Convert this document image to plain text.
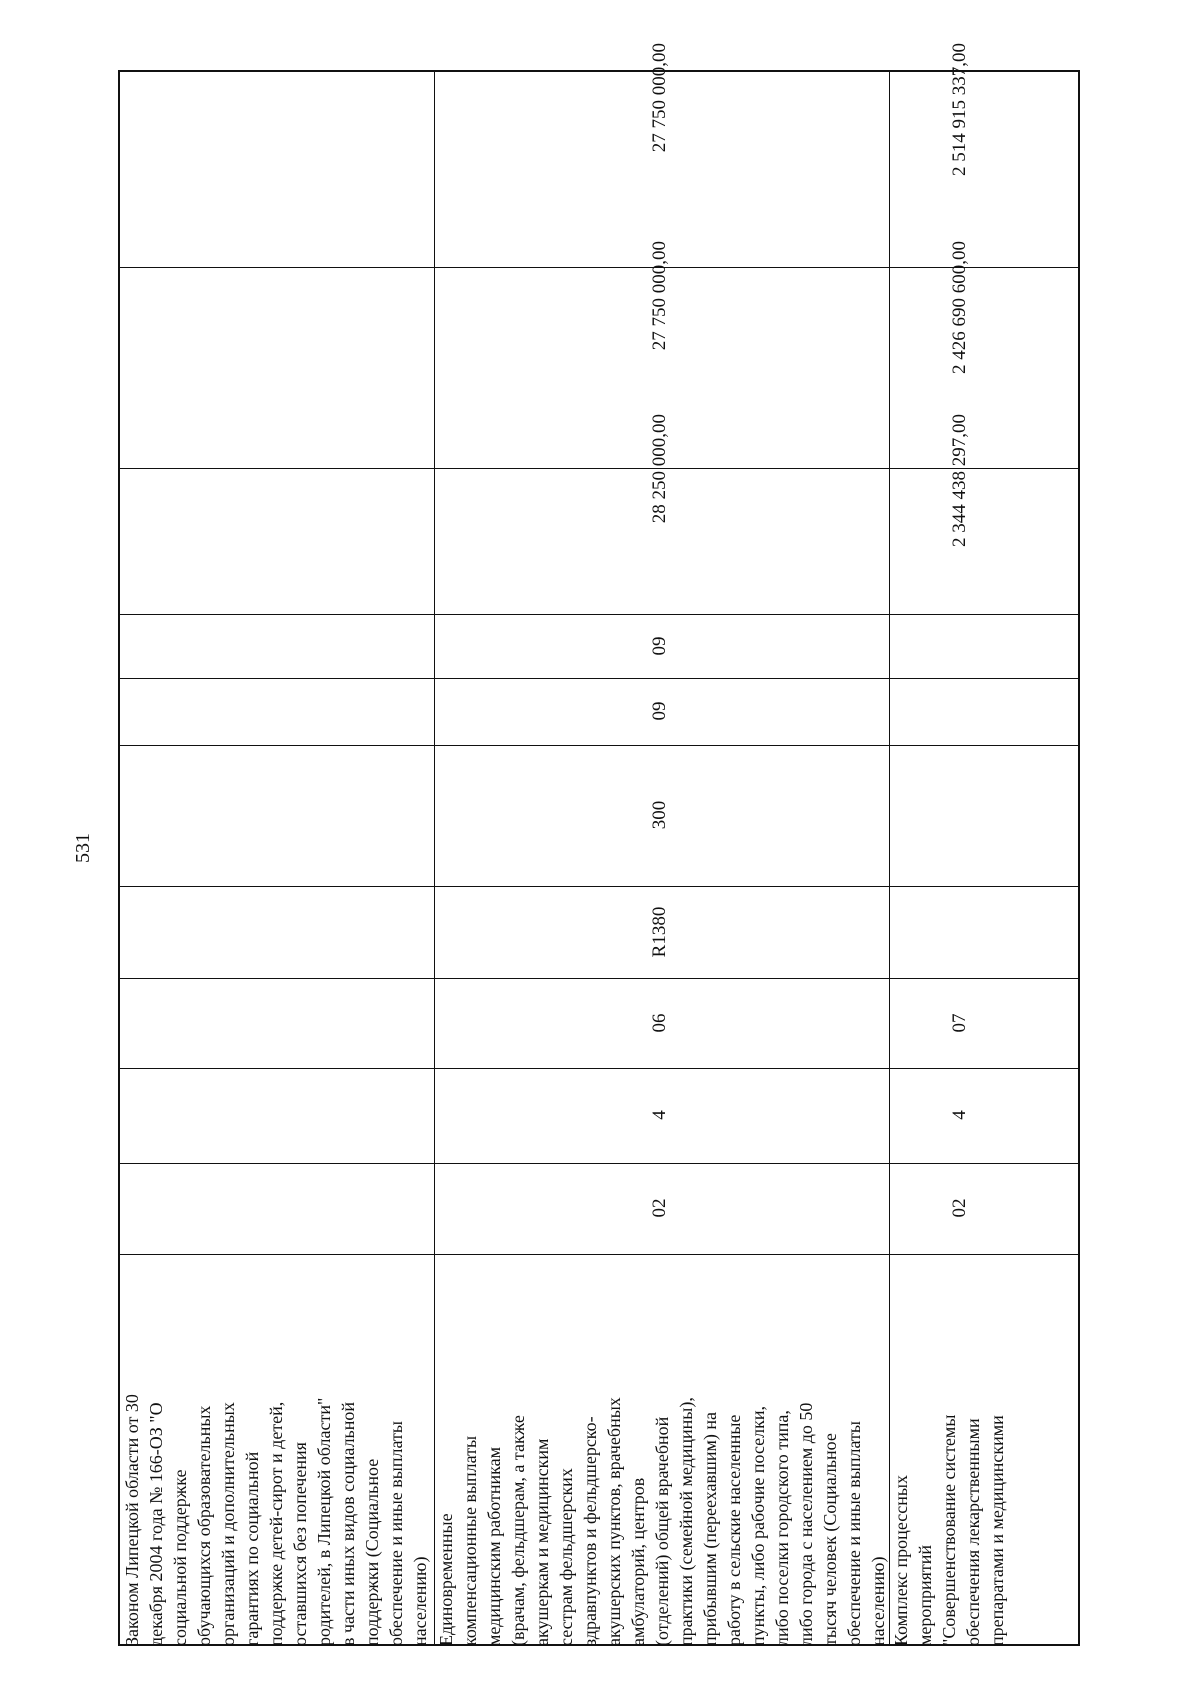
531
Законом Липецкой области от 30
декабря 2004 года № 166-ОЗ "О
социальной поддержке
обучающихся образовательных
организаций и дополнительных
гарантиях по социальной
поддержке детей-сирот и детей,
оставшихся без попечения
родителей, в Липецкой области"
в части иных видов социальной
поддержки (Социальное
обеспечение и иные выплаты
населению) Единовременные
компенсационные выплаты
медицинским работникам
(врачам, фельдшерам, а также
акушеркам и медицинским
сестрам фельдшерских
здравпунктов и фельдшерско-
акушерских пунктов, врачебных
амбулаторий, центров
(отделений) общей врачебной
практики (семейной медицины),
прибывшим (переехавшим) на
работу в сельские населенные
пункты, либо рабочие поселки,
либо поселки городского типа,
либо города с населением до 50
тысяч человек (Социальное
обеспечение и иные выплаты
населению)
02
4
06
R1380
300
09
09
28 250 000,00
27 750 000,00
27 750 000,00
Комплекс процессных
мероприятий
"Совершенствование системы
обеспечения лекарственными
препаратами и медицинскими
02
4
07
2 344 438 297,00
2 426 690 600,00
2 514 915 337,00
